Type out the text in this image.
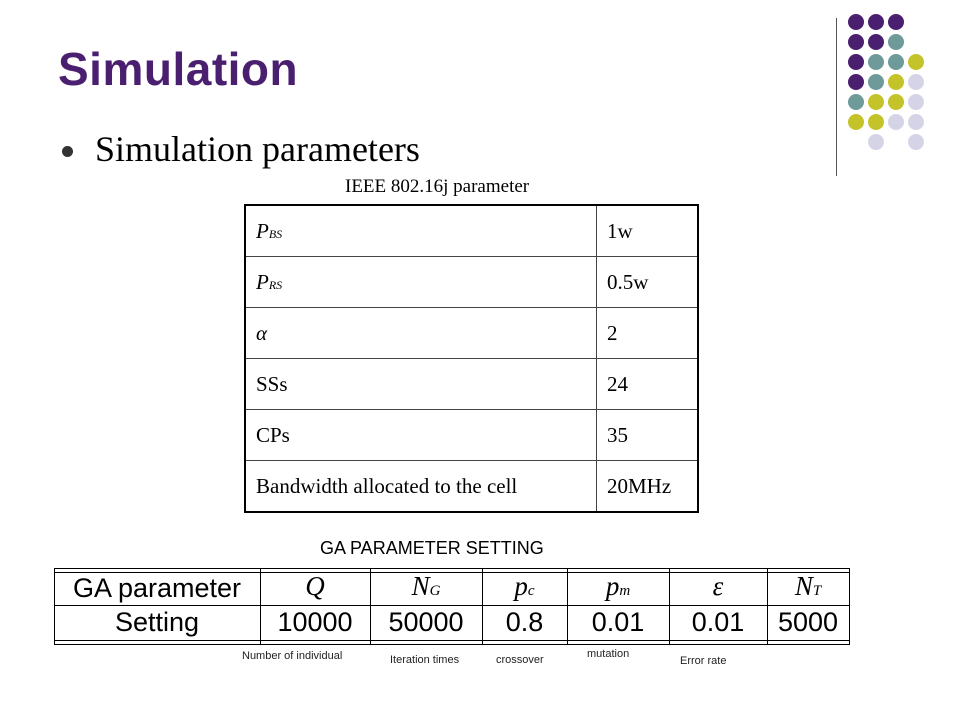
Simulation
Simulation parameters
IEEE 802.16j parameter
PBS	1w
PRS	0.5w
α	2
SSs	24
CPs	35
Bandwidth allocated to the cell	20MHz
GA PARAMETER SETTING
GA parameter	Q	NG	pc	pm	ε	NT
Setting	10000	50000	0.8	0.01	0.01	5000
Number of individual	Iteration times	crossover	mutation
Error rate
